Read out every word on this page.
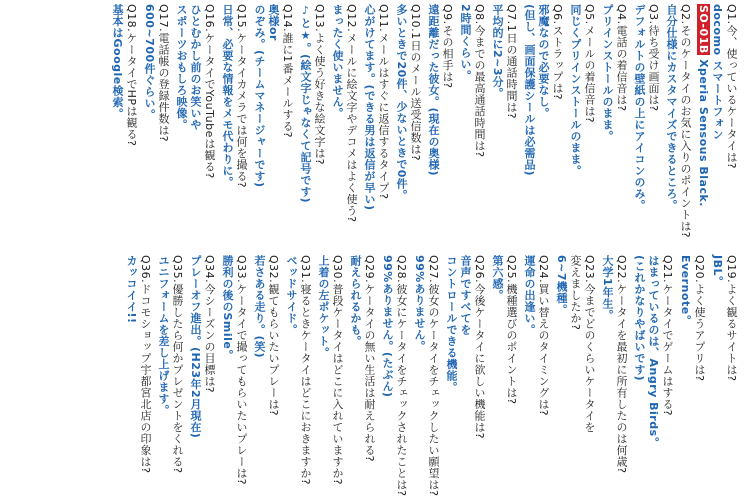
Q1.今、使っているケータイは?
docomo スマートフォン
SO-01B Xperia Sensous Black.
Q2.そのケータイのお気に入りのポイントは?
自分仕様にカスタマイズできるところ。
Q3.待ち受け画面は?
デフォルトの壁紙の上にアイコンのみ。
Q4.電話の着信音は?
プリインストールのまま。
Q5.メールの着信音は?
同じくプリインストールのまま。
Q6.ストラップは?
邪魔なので必要なし。
(但し、画面保護シールは必需品)
Q7.1日の通話時間は?
平均的に2~3分。
Q8.今までの最高通話時間は?
2時間くらい。
Q9.その相手は?
遠距離だった彼女。(現在の奥様)
Q10.1日のメール送受信数は?
多いときで20件、少ないときで0件。
Q11.メールはすぐに返信するタイプ?
心がけてます。(できる男は返信が早い)
Q12.メールに絵文字やデコメはよく使う?
まったく使いません。
Q13.よく使う好きな絵文字は?
♪と★。(絵文字じゃなくて記号です)
Q14.誰に1番メールする?
奥様or
のぞみ。(チームマネージャーです)
Q15.ケータイカメラでは何を撮る?
日常、必要な情報をメモ代わりに。
Q16.ケータイでYouTubeは観る?
ひとむかし前のお笑いや
スポーツおもしろ映像。
Q17.電話帳の登録件数は?
600~700件ぐらい。
Q18.ケータイでHPは観る?
基本はGoogle検索。
Q19.よく観るサイトは?
JBL。
Q20.よく使うアプリは?
Evernote。
Q21.ケータイでゲームはする?
はまっているのは、Angry Birds。
(これかなりやばいです)
Q22.ケータイを最初に所有したのは何歳?
大学1年生。
Q23.今までどのくらいケータイを
変えましたか?
6~7機種。
Q24.買い替えのタイミングは?
運命の出逢い。
Q25.機種選びのポイントは?
第六感。
Q26.今後ケータイに欲しい機能は?
音声ですべてを
コントロールできる機能。
Q27.彼女のケータイをチェックしたい願望は?
99%ありません。
Q28.彼女にケータイをチェックされたことは?
99%ありません。(たぶん)
Q29.ケータイの無い生活は耐えられる?
耐えられるかも。
Q30.普段ケータイはどこに入れていますか?
上着の左ポケット。
Q31.寝るときケータイはどこにおきますか?
ベッドサイド。
Q32.観てもらいたいプレーは?
若さある走り。(笑)
Q33.ケータイで撮ってもらいたいプレーは?
勝利の後のSmile。
Q34.今シーズンの目標は?
プレーオフ進出。(H23年2月現在)
Q35.優勝したら何かプレゼントをくれる?
ユニフォームを差し上げます。
Q36.ドコモショップ宇都宮北店の印象は?
カッコイイ!!
